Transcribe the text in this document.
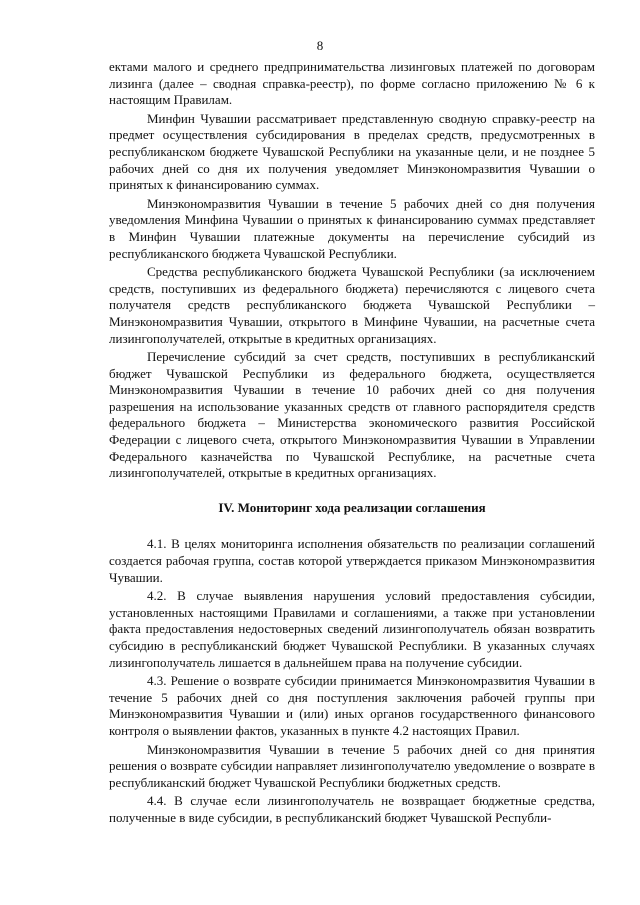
8

ектами малого и среднего предпринимательства лизинговых платежей по договорам лизинга (далее – сводная справка-реестр), по форме согласно приложению № 6 к настоящим Правилам.

Минфин Чувашии рассматривает представленную сводную справку-реестр на предмет осуществления субсидирования в пределах средств, предусмотренных в республиканском бюджете Чувашской Республики на указанные цели, и не позднее 5 рабочих дней со дня их получения уведомляет Минэкономразвития Чувашии о принятых к финансированию суммах.

Минэкономразвития Чувашии в течение 5 рабочих дней со дня получения уведомления Минфина Чувашии о принятых к финансированию суммах представляет в Минфин Чувашии платежные документы на перечисление субсидий из республиканского бюджета Чувашской Республики.

Средства республиканского бюджета Чувашской Республики (за исключением средств, поступивших из федерального бюджета) перечисляются с лицевого счета получателя средств республиканского бюджета Чувашской Республики – Минэкономразвития Чувашии, открытого в Минфине Чувашии, на расчетные счета лизингополучателей, открытые в кредитных организациях.

Перечисление субсидий за счет средств, поступивших в республиканский бюджет Чувашской Республики из федерального бюджета, осуществляется Минэкономразвития Чувашии в течение 10 рабочих дней со дня получения разрешения на использование указанных средств от главного распорядителя средств федерального бюджета – Министерства экономического развития Российской Федерации с лицевого счета, открытого Минэкономразвития Чувашии в Управлении Федерального казначейства по Чувашской Республике, на расчетные счета лизингополучателей, открытые в кредитных организациях.

IV. Мониторинг хода реализации соглашения

4.1. В целях мониторинга исполнения обязательств по реализации соглашений создается рабочая группа, состав которой утверждается приказом Минэкономразвития Чувашии.

4.2. В случае выявления нарушения условий предоставления субсидии, установленных настоящими Правилами и соглашениями, а также при установлении факта предоставления недостоверных сведений лизингополучатель обязан возвратить субсидию в республиканский бюджет Чувашской Республики. В указанных случаях лизингополучатель лишается в дальнейшем права на получение субсидии.

4.3. Решение о возврате субсидии принимается Минэкономразвития Чувашии в течение 5 рабочих дней со дня поступления заключения рабочей группы при Минэкономразвития Чувашии и (или) иных органов государственного финансового контроля о выявлении фактов, указанных в пункте 4.2 настоящих Правил.

Минэкономразвития Чувашии в течение 5 рабочих дней со дня принятия решения о возврате субсидии направляет лизингополучателю уведомление о возврате в республиканский бюджет Чувашской Республики бюджетных средств.

4.4. В случае если лизингополучатель не возвращает бюджетные средства, полученные в виде субсидии, в республиканский бюджет Чувашской Республи-
